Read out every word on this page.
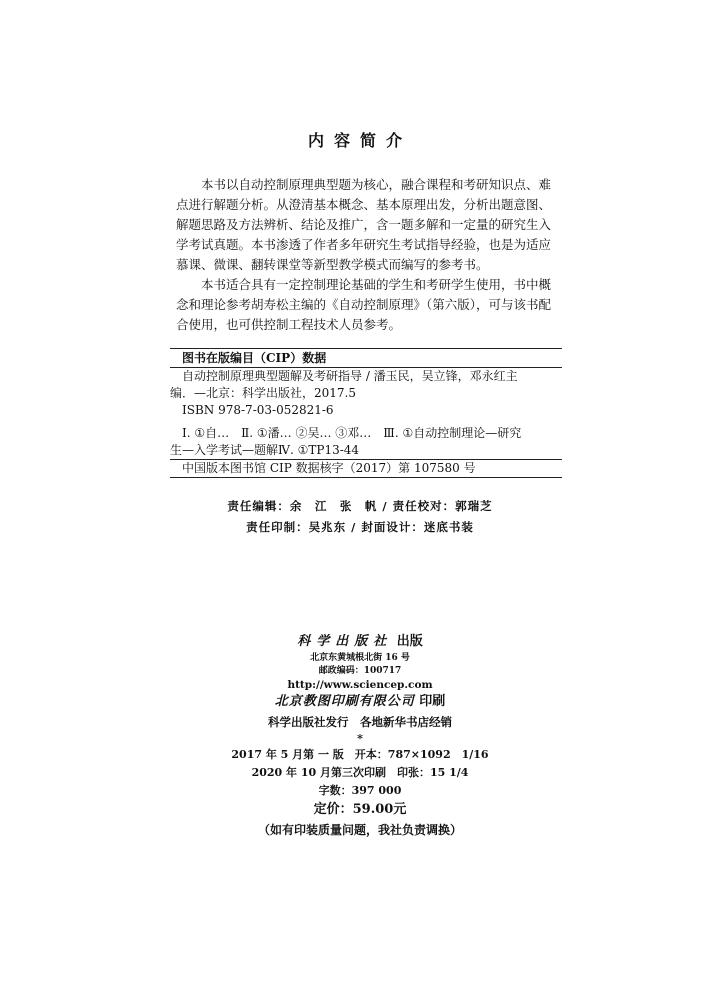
内容简介

本书以自动控制原理典型题为核心，融合课程和考研知识点、难点进行解题分析。从澄清基本概念、基本原理出发，分析出题意图、解题思路及方法辨析、结论及推广，含一题多解和一定量的研究生入学考试真题。本书渗透了作者多年研究生考试指导经验，也是为适应慕课、微课、翻转课堂等新型教学模式而编写的参考书。

本书适合具有一定控制理论基础的学生和考研学生使用，书中概念和理论参考胡寿松主编的《自动控制原理》（第六版），可与该书配合使用，也可供控制工程技术人员参考。

图书在版编目（CIP）数据
自动控制原理典型题解及考研指导 / 潘玉民，吴立锋，邓永红主
编．—北京：科学出版社，2017.5
ISBN 978-7-03-052821-6
Ⅰ. ①自…　Ⅱ. ①潘… ②吴… ③邓…　Ⅲ. ①自动控制理论—研究
生—入学考试—题解Ⅳ. ①TP13-44
中国版本图书馆 CIP 数据核字（2017）第 107580 号
责任编辑：余　江　张　帆 / 责任校对：郭瑞芝
责任印制：吴兆东 / 封面设计：迷底书装
科学出版社 出版
北京东黄城根北街 16 号
邮政编码：100717
http://www.sciencep.com
北京教图印刷有限公司 印刷
科学出版社发行　各地新华书店经销
*
2017 年 5 月第 一 版　开本：787×1092　1/16
2020 年 10 月第三次印刷　印张：15 1/4
字数：397 000
定价：59.00元
（如有印装质量问题，我社负责调换）
